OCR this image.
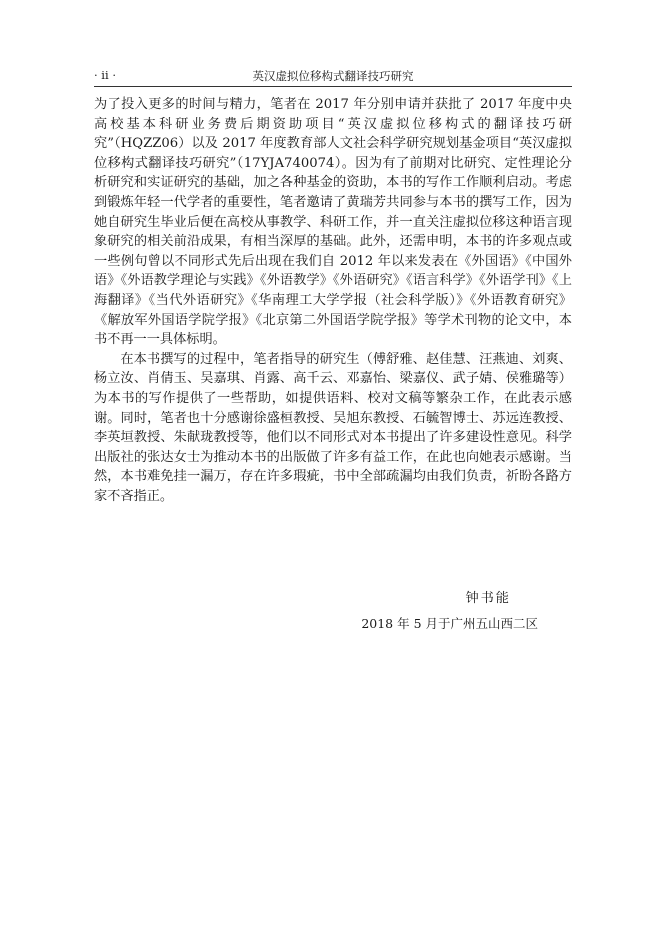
· ii ·	英汉虚拟位移构式翻译技巧研究

为了投入更多的时间与精力，笔者在 2017 年分别申请并获批了 2017 年度中央高校基本科研业务费后期资助项目“英汉虚拟位移构式的翻译技巧研究”（HQZZ06）以及 2017 年度教育部人文社会科学研究规划基金项目“英汉虚拟位移构式翻译技巧研究”（17YJA740074）。因为有了前期对比研究、定性理论分析研究和实证研究的基础，加之各种基金的资助，本书的写作工作顺利启动。考虑到锻炼年轻一代学者的重要性，笔者邀请了黄瑞芳共同参与本书的撰写工作，因为她自研究生毕业后便在高校从事教学、科研工作，并一直关注虚拟位移这种语言现象研究的相关前沿成果，有相当深厚的基础。此外，还需申明，本书的许多观点或一些例句曾以不同形式先后出现在我们自 2012 年以来发表在《外国语》《中国外语》《外语教学理论与实践》《外语教学》《外语研究》《语言科学》《外语学刊》《上海翻译》《当代外语研究》《华南理工大学学报（社会科学版）》《外语教育研究》《解放军外国语学院学报》《北京第二外国语学院学报》等学术刊物的论文中，本书不再一一具体标明。

在本书撰写的过程中，笔者指导的研究生（傅舒雅、赵佳慧、汪燕迪、刘爽、杨立汝、肖倩玉、吴嘉琪、肖露、高千云、邓嘉怡、梁嘉仪、武子婧、侯雅璐等）为本书的写作提供了一些帮助，如提供语料、校对文稿等繁杂工作，在此表示感谢。同时，笔者也十分感谢徐盛桓教授、吴旭东教授、石毓智博士、苏远连教授、李英垣教授、朱献珑教授等，他们以不同形式对本书提出了许多建设性意见。科学出版社的张达女士为推动本书的出版做了许多有益工作，在此也向她表示感谢。当然，本书难免挂一漏万，存在许多瑕疵，书中全部疏漏均由我们负责，祈盼各路方家不吝指正。

钟书能
2018 年 5 月于广州五山西二区
